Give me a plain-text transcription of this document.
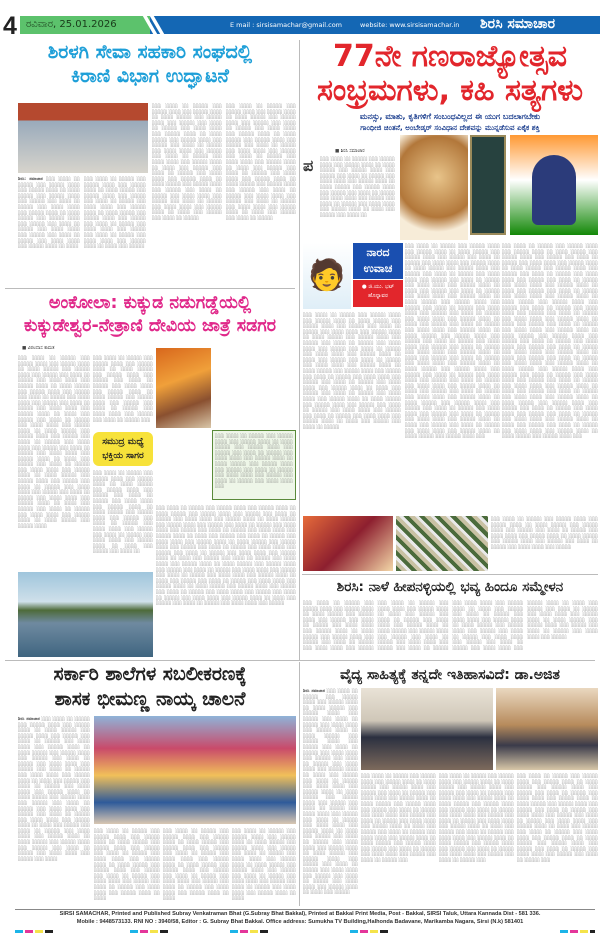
4 ರವಿವಾರ, 25.01.2026	E mail : sirsisamachar@gmail.com	website: www.sirsisamachar.in ಶಿರಸಿ ಸಮಾಚಾರ
ಶಿರಳಗಿ ಸೇವಾ ಸಹಕಾರಿ ಸಂಘದಲ್ಲಿ
ಕಿರಾಣಿ ವಿಭಾಗ ಉದ್ಘಾಟನೆ
ಶಿರಸಿ: ಸಮಾಚಾರ ░░░ ░░░░ ░░ ░░░░░ ░░░ ░░░░░ ░░░░ ░░░ ░░░░░ ░░░░ ░░ ░░░░ ░░░░░ ░░░ ░░░░░ ░░░░ ░░░ ░░░░░ ░░░ ░░░░ ░░ ░░░░░ ░░░ ░░░░ ░░░░ ░░░ ░░░░░ ░░░░ ░░ ░░░░ ░░░░░ ░░░ ░░░░░ ░░░░ ░░░ ░░░░░ ░░░ ░░░░ ░░ ░░░░░ ░░░ ░░░░ ░░░░ ░░░ ░░░░░ ░░░ ░░░░ ░░ ░░░░░ ░░░ ░░░░ ░░░░ ░░░ ░░░░░ ░░░░ ░░ ░░░░
░░░ ░░░░ ░░ ░░░░░ ░░░ ░░░░░ ░░░░ ░░░ ░░░░░ ░░░░ ░░ ░░░░ ░░░░░ ░░░ ░░░░░ ░░░░ ░░░ ░░░░░ ░░░ ░░░░ ░░ ░░░░░ ░░░ ░░░░ ░░░░ ░░░ ░░░░░ ░░░░ ░░ ░░░░ ░░░░░ ░░░ ░░░░░ ░░░░ ░░░ ░░░░░ ░░░ ░░░░ ░░ ░░░░░ ░░░ ░░░░ ░░░░ ░░░ ░░░░░ ░░░ ░░░░ ░░ ░░░░░ ░░░ ░░░░ ░░░░ ░░░ ░░░░░ ░░░░ ░░ ░░░░ ░░░ ░░░░░
░░░ ░░░░ ░░ ░░░░░ ░░░ ░░░░░ ░░░░ ░░░ ░░░░░ ░░░░ ░░ ░░░░ ░░░░░ ░░░ ░░░░░ ░░░░ ░░░ ░░░░░ ░░░ ░░░░ ░░ ░░░░░ ░░░ ░░░░ ░░░░ ░░░ ░░░░░ ░░░░ ░░ ░░░░ ░░░░░ ░░░ ░░░░░ ░░░░ ░░░ ░░░░░ ░░░ ░░░░ ░░ ░░░░░ ░░░ ░░░░ ░░░░ ░░░ ░░░░░ ░░░ ░░░░ ░░ ░░░░░ ░░░ ░░░░ ░░░░ ░░░ ░░░░░ ░░░░ ░░ ░░░░ ░░░ ░░░░░ ░░░ ░░░░ ░░ ░░░░░ ░░░ ░░░░ ░░░░ ░░░ ░░░░░ ░░░░ ░░ ░░░░ ░░░░░ ░░░ ░░░░░ ░░░░ ░░░ ░░░░░ ░░░ ░░░░ ░░ ░░░░░ ░░░ ░░░░ ░░░░ ░░░ ░░░░░ ░░░ ░░░░ ░░ ░░░░░ ░░░ ░░░░ ░░░░ ░░░ ░░░░░ ░░░░ ░░ ░░░░ ░░░ ░░░░░ ░░░ ░░░░ ░░ ░░░░░
░░░ ░░░░ ░░ ░░░░░ ░░░ ░░░░░ ░░░░ ░░░ ░░░░░ ░░░░ ░░ ░░░░ ░░░░░ ░░░ ░░░░░ ░░░░ ░░░ ░░░░░ ░░░ ░░░░ ░░ ░░░░░ ░░░ ░░░░ ░░░░ ░░░ ░░░░░ ░░░░ ░░ ░░░░ ░░░░░ ░░░ ░░░░░ ░░░░ ░░░ ░░░░░ ░░░ ░░░░ ░░ ░░░░░ ░░░ ░░░░ ░░░░ ░░░ ░░░░░ ░░░ ░░░░ ░░ ░░░░░ ░░░ ░░░░ ░░░░ ░░░ ░░░░░ ░░░░ ░░ ░░░░ ░░░ ░░░░░ ░░░ ░░░░ ░░ ░░░░░ ░░░ ░░░░ ░░░░ ░░░ ░░░░░ ░░░░ ░░ ░░░░ ░░░░░ ░░░ ░░░░░ ░░░░ ░░░ ░░░░░ ░░░ ░░░░ ░░ ░░░░░ ░░░ ░░░░ ░░░░ ░░░ ░░░░░ ░░░ ░░░░ ░░ ░░░░░ ░░░ ░░░░ ░░░░ ░░░ ░░░░░ ░░░░ ░░ ░░░░ ░░░ ░░░░░ ░░░ ░░░░ ░░ ░░░░░
77ನೇ ಗಣರಾಜ್ಯೋತ್ಸವ
ಸಂಭ್ರಮಗಳು, ಕಹಿ ಸತ್ಯಗಳು
ಮನಸ್ಸು, ಮಾತು, ಕೃತಿಗಳಿಗೆ ಸಂಬಂಧವಿಲ್ಲದ ಈ ಯುಗ ಬದಲಾಗಬೇಕು
ಗಾಂಧೀಜಿ ಚಿಂತನೆ, ಅಂಬೇಡ್ಕರ್ ಸಂವಿಧಾನ ದೇಶವನ್ನು ಮುನ್ನಡೆಸುವ ಏಕೈಕ ಶಕ್ತಿ
■ ಶಿರಸಿ ಸಮಾಚಾರ
ಪ ░░░ ░░░░ ░░ ░░░░░ ░░░ ░░░░░ ░░░░ ░░░ ░░░░░ ░░░░ ░░ ░░░░ ░░░░░ ░░░ ░░░░░ ░░░░ ░░░ ░░░░░ ░░░ ░░░░ ░░ ░░░░░ ░░░ ░░░░ ░░░░ ░░░ ░░░░░ ░░░░ ░░ ░░░░ ░░░░░ ░░░ ░░░░░ ░░░░ ░░░ ░░░░░ ░░░ ░░░░ ░░ ░░░░░ ░░░ ░░░░ ░░░░ ░░░ ░░░░░ ░░░ ░░░░ ░░ ░░░░░ ░░░ ░░░░ ░░░░ ░░░ ░░░░░ ░░░░ ░░ ░░░░ ░░░ ░░░░░ ░░░ ░░░░ ░░
🧑
ನಾರದ
ಉವಾಚ
● ಜಿ.ಯು. ಭಟ್
ಹೊನ್ನಾವರ
░░░ ░░░░ ░░ ░░░░░ ░░░ ░░░░░ ░░░░ ░░░ ░░░░░ ░░░░ ░░ ░░░░ ░░░░░ ░░░ ░░░░░ ░░░░ ░░░ ░░░░░ ░░░ ░░░░ ░░ ░░░░░ ░░░ ░░░░ ░░░░ ░░░ ░░░░░ ░░░░ ░░ ░░░░ ░░░░░ ░░░ ░░░░░ ░░░░ ░░░ ░░░░░ ░░░ ░░░░ ░░ ░░░░░ ░░░ ░░░░ ░░░░ ░░░ ░░░░░ ░░░ ░░░░ ░░ ░░░░░ ░░░ ░░░░ ░░░░ ░░░ ░░░░░ ░░░░ ░░ ░░░░ ░░░ ░░░░░ ░░░ ░░░░ ░░ ░░░░░ ░░░ ░░░░ ░░░░ ░░░ ░░░░░ ░░░░ ░░ ░░░░ ░░░░░ ░░░ ░░░░░ ░░░░ ░░░ ░░░░░ ░░░ ░░░░ ░░ ░░░░░ ░░░ ░░░░ ░░░░ ░░░ ░░░░░ ░░░ ░░░░ ░░ ░░░░░ ░░░ ░░░░ ░░░░ ░░░ ░░░░░ ░░░░ ░░ ░░░░ ░░░ ░░░░░ ░░░ ░░░░ ░░ ░░░░░ ░░░ ░░░░ ░░░░ ░░░ ░░░░░ ░░░░ ░░ ░░░░ ░░░░░ ░░░ ░░░░░ ░░░░ ░░░ ░░░░░ ░░░ ░░░░ ░░ ░░░░░ ░░░ ░░░░ ░░░░ ░░░ ░░░░░ ░░░ ░░░░ ░░ ░░░░░ ░░░ ░░░░ ░░░░ ░░░ ░░░░░ ░░░░ ░░ ░░░░ ░░░ ░░░░░ ░░░ ░░░░ ░░ ░░░░░ ░░░ ░░░░ ░░░░ ░░░ ░░░░░ ░░░░ ░░ ░░░░ ░░░░░ ░░░ ░░░░░ ░░░░ ░░░ ░░░░░ ░░░ ░░░░ ░░ ░░░░░ ░░░ ░░░░ ░░░░ ░░░ ░░░░░ ░░░ ░░░░ ░░ ░░░░░ ░░░ ░░░░ ░░░░ ░░░ ░░░░░ ░░░░ ░░ ░░░░ ░░░ ░░░░░ ░░░ ░░░░ ░░ ░░░░░ ░░░ ░░░░ ░░░░ ░░░ ░░░░░ ░░░░ ░░ ░░░░ ░░░░░ ░░░ ░░░░░ ░░░░ ░░░ ░░░░░ ░░░ ░░░░ ░░ ░░░░░ ░░░ ░░░░ ░░░░ ░░░ ░░░░░ ░░░ ░░░░ ░░ ░░░░░ ░░░ ░░░░ ░░░░ ░░░ ░░░░░ ░░░░ ░░ ░░░░ ░░░ ░░░░░ ░░░ ░░░░ ░░ ░░░░░ ░░░ ░░░░ ░░░░ ░░░ ░░░░░ ░░░░ ░░ ░░░░ ░░░░░ ░░░ ░░░░░ ░░░░ ░░░
░░░ ░░░░ ░░ ░░░░░ ░░░ ░░░░░ ░░░░ ░░░ ░░░░░ ░░░░ ░░ ░░░░ ░░░░░ ░░░ ░░░░░ ░░░░ ░░░ ░░░░░ ░░░ ░░░░ ░░ ░░░░░ ░░░ ░░░░ ░░░░ ░░░ ░░░░░ ░░░░ ░░ ░░░░ ░░░░░ ░░░ ░░░░░ ░░░░ ░░░ ░░░░░ ░░░ ░░░░ ░░ ░░░░░ ░░░ ░░░░ ░░░░ ░░░ ░░░░░ ░░░ ░░░░ ░░ ░░░░░ ░░░ ░░░░ ░░░░ ░░░ ░░░░░ ░░░░ ░░ ░░░░ ░░░ ░░░░░ ░░░ ░░░░ ░░ ░░░░░ ░░░ ░░░░ ░░░░ ░░░ ░░░░░ ░░░░ ░░ ░░░░ ░░░░░ ░░░ ░░░░░ ░░░░ ░░░ ░░░░░ ░░░ ░░░░ ░░ ░░░░░ ░░░ ░░░░ ░░░░ ░░░ ░░░░░ ░░░ ░░░░ ░░ ░░░░░ ░░░ ░░░░ ░░░░ ░░░ ░░░░░ ░░░░ ░░ ░░░░ ░░░ ░░░░░ ░░░ ░░░░ ░░ ░░░░░ ░░░ ░░░░ ░░░░ ░░░ ░░░░░ ░░░░ ░░ ░░░░ ░░░░░ ░░░ ░░░░░ ░░░░ ░░░ ░░░░░ ░░░ ░░░░ ░░ ░░░░░ ░░░ ░░░░ ░░░░ ░░░ ░░░░░ ░░░ ░░░░ ░░ ░░░░░ ░░░ ░░░░ ░░░░ ░░░ ░░░░░ ░░░░ ░░ ░░░░ ░░░ ░░░░░ ░░░ ░░░░ ░░ ░░░░░
░░░ ░░░░ ░░ ░░░░░ ░░░ ░░░░░ ░░░░ ░░░ ░░░░░ ░░░░ ░░ ░░░░ ░░░░░ ░░░ ░░░░░ ░░░░ ░░░ ░░░░░ ░░░ ░░░░ ░░ ░░░░░ ░░░ ░░░░ ░░░░ ░░░ ░░░░░ ░░░░ ░░ ░░░░ ░░░░░ ░░░ ░░░░░ ░░░░ ░░░ ░░░░░ ░░░ ░░░░ ░░ ░░░░░ ░░░ ░░░░ ░░░░ ░░░ ░░░░░ ░░░ ░░░░ ░░ ░░░░░ ░░░ ░░░░ ░░░░ ░░░ ░░░░░ ░░░░ ░░ ░░░░ ░░░ ░░░░░ ░░░ ░░░░ ░░ ░░░░░ ░░░ ░░░░ ░░░░ ░░░ ░░░░░ ░░░░ ░░ ░░░░ ░░░░░ ░░░ ░░░░░ ░░░░ ░░░ ░░░░░ ░░░ ░░░░ ░░ ░░░░░ ░░░ ░░░░ ░░░░ ░░░ ░░░░░ ░░░ ░░░░ ░░ ░░░░░ ░░░ ░░░░ ░░░░ ░░░ ░░░░░ ░░░░ ░░ ░░░░ ░░░ ░░░░░ ░░░ ░░░░ ░░ ░░░░░ ░░░ ░░░░ ░░░░ ░░░ ░░░░░ ░░░░ ░░ ░░░░ ░░░░░ ░░░ ░░░░░ ░░░░ ░░░ ░░░░░ ░░░ ░░░░ ░░ ░░░░░ ░░░ ░░░░ ░░░░ ░░░ ░░░░░ ░░░ ░░░░ ░░ ░░░░░ ░░░ ░░░░ ░░░░ ░░░ ░░░░░ ░░░░ ░░ ░░░░ ░░░ ░░░░░ ░░░ ░░░░ ░░ ░░░░░ ░░░ ░░░░ ░░░░ ░░░ ░░░░░ ░░░░ ░░ ░░░░ ░░░░░ ░░░ ░░░░░ ░░░░ ░░░ ░░░░░ ░░░ ░░░░ ░░ ░░░░░ ░░░ ░░░░ ░░░░ ░░░ ░░░░░ ░░░ ░░░░ ░░ ░░░░░ ░░░ ░░░░ ░░░░ ░░░ ░░░░░ ░░░░ ░░ ░░░░ ░░░ ░░░░░ ░░░ ░░░░ ░░ ░░░░░ ░░░ ░░░░ ░░░░ ░░░ ░░░░░ ░░░░ ░░ ░░░░ ░░░░░ ░░░ ░░░░░ ░░░░ ░░░ ░░░░░ ░░░ ░░░░ ░░ ░░░░░ ░░░ ░░░░ ░░░░ ░░░ ░░░░░ ░░░ ░░░░ ░░ ░░░░░ ░░░ ░░░░ ░░░░ ░░░ ░░░░░ ░░░░ ░░ ░░░░ ░░░ ░░░░░ ░░░ ░░░░ ░░ ░░░░░ ░░░ ░░░░ ░░░░ ░░░ ░░░░░ ░░░░ ░░ ░░░░ ░░░░░ ░░░ ░░░░░ ░░░░ ░░░
░░░ ░░░░ ░░ ░░░░░ ░░░ ░░░░░ ░░░░ ░░░ ░░░░░ ░░░░ ░░ ░░░░ ░░░░░ ░░░ ░░░░░ ░░░░ ░░░ ░░░░░ ░░░ ░░░░ ░░ ░░░░░ ░░░ ░░░░ ░░░░ ░░░ ░░░░░ ░░░░ ░░ ░░░░ ░░░░░ ░░░ ░░░░░ ░░░░ ░░░ ░░░░░ ░░░ ░░░░ ░░ ░░░░░ ░░░ ░░░░ ░░░░ ░░░ ░░░░░
ಅಂಕೋಲಾ: ಕುಕ್ಕುಡ ನಡುಗಡ್ಡೆಯಲ್ಲಿ
ಕುಕ್ಕುಡೇಶ್ವರ-ನೇತ್ರಾಣಿ ದೇವಿಯ ಜಾತ್ರೆ ಸಡಗರ
■ ವಿಠಲದಾಸ ಕಾಮತ
░░░ ░░░░ ░░ ░░░░░ ░░░ ░░░░░ ░░░░ ░░░ ░░░░░ ░░░░ ░░ ░░░░ ░░░░░ ░░░ ░░░░░ ░░░░ ░░░ ░░░░░ ░░░ ░░░░ ░░ ░░░░░ ░░░ ░░░░ ░░░░ ░░░ ░░░░░ ░░░░ ░░ ░░░░ ░░░░░ ░░░ ░░░░░ ░░░░ ░░░ ░░░░░ ░░░ ░░░░ ░░ ░░░░░ ░░░ ░░░░ ░░░░ ░░░ ░░░░░ ░░░ ░░░░ ░░ ░░░░░ ░░░ ░░░░ ░░░░ ░░░ ░░░░░ ░░░░ ░░ ░░░░ ░░░ ░░░░░ ░░░ ░░░░ ░░ ░░░░░ ░░░ ░░░░ ░░░░ ░░░ ░░░░░ ░░░░ ░░ ░░░░ ░░░░░ ░░░ ░░░░░ ░░░░ ░░░ ░░░░░ ░░░ ░░░░ ░░ ░░░░░ ░░░ ░░░░ ░░░░ ░░░ ░░░░░ ░░░ ░░░░ ░░ ░░░░░ ░░░ ░░░░ ░░░░ ░░░ ░░░░░ ░░░░ ░░ ░░░░ ░░░ ░░░░░ ░░░ ░░░░ ░░ ░░░░░ ░░░ ░░░░ ░░░░ ░░░ ░░░░░ ░░░░ ░░ ░░░░ ░░░░░ ░░░ ░░░░░ ░░░░ ░░░ ░░░░░ ░░░ ░░░░ ░░ ░░░░░ ░░░ ░░░░ ░░░░ ░░░ ░░░░░ ░░░ ░░░░ ░░ ░░░░░ ░░░ ░░░░ ░░░░ ░░░ ░░░░░ ░░░░ ░░ ░░░░ ░░░ ░░░░░ ░░░ ░░░░ ░░ ░░░░░ ░░░ ░░░░ ░░░░ ░░░ ░░░░░ ░░░░ ░░ ░░░░ ░░░░░ ░░░ ░░░░░ ░░░░
░░░ ░░░░ ░░ ░░░░░ ░░░ ░░░░░ ░░░░ ░░░ ░░░░░ ░░░░ ░░ ░░░░ ░░░░░ ░░░ ░░░░░ ░░░░ ░░░ ░░░░░ ░░░ ░░░░ ░░ ░░░░░ ░░░ ░░░░ ░░░░ ░░░ ░░░░░ ░░░░ ░░ ░░░░ ░░░░░ ░░░ ░░░░░ ░░░░ ░░░ ░░░░░ ░░░ ░░░░ ░░ ░░░░░ ░░░ ░░░░ ░░░░ ░░░ ░░░░░ ░░░ ░░░░ ░░ ░░░░░ ░░░
ಸಮುದ್ರ ಮಧ್ಯೆ
ಭಕ್ತಿಯ ಸಾಗರ
░░░ ░░░░ ░░ ░░░░░ ░░░ ░░░░░ ░░░░ ░░░ ░░░░░ ░░░░ ░░ ░░░░ ░░░░░ ░░░ ░░░░░ ░░░░ ░░░ ░░░░░ ░░░ ░░░░ ░░ ░░░░░ ░░░ ░░░░ ░░░░ ░░░ ░░░░░ ░░░░ ░░ ░░░░ ░░░░░ ░░░ ░░░░░ ░░░░ ░░░ ░░░░░ ░░░ ░░░░ ░░ ░░░░░ ░░░ ░░░░ ░░░░ ░░░ ░░░░░ ░░░ ░░░░ ░░ ░░░░░ ░░░ ░░░░ ░░░░ ░░░ ░░░░░ ░░░░ ░░ ░░░░ ░░░ ░░░░░ ░░░ ░░░░ ░░
░░░ ░░░░ ░░ ░░░░░ ░░░ ░░░░░ ░░░░ ░░░ ░░░░░ ░░░░ ░░ ░░░░ ░░░░░ ░░░ ░░░░░ ░░░░ ░░░ ░░░░░ ░░░ ░░░░ ░░ ░░░░░ ░░░ ░░░░ ░░░░ ░░░ ░░░░░ ░░░░ ░░ ░░░░ ░░░░░ ░░░ ░░░░░ ░░░░ ░░░ ░░░░░ ░░░ ░░░░ ░░ ░░░░░ ░░░ ░░░░ ░░░░ ░░░ ░░░░░ ░░░ ░░░░ ░░ ░░░░░ ░░░ ░░░░ ░░░░ ░░░
░░░ ░░░░ ░░ ░░░░░ ░░░ ░░░░░ ░░░░ ░░░ ░░░░░ ░░░░ ░░ ░░░░ ░░░░░ ░░░ ░░░░░ ░░░░ ░░░ ░░░░░ ░░░ ░░░░ ░░ ░░░░░ ░░░ ░░░░ ░░░░ ░░░ ░░░░░ ░░░░ ░░ ░░░░ ░░░░░ ░░░ ░░░░░ ░░░░ ░░░ ░░░░░ ░░░ ░░░░ ░░ ░░░░░ ░░░ ░░░░ ░░░░ ░░░ ░░░░░ ░░░ ░░░░ ░░ ░░░░░ ░░░ ░░░░ ░░░░ ░░░ ░░░░░ ░░░░ ░░ ░░░░ ░░░ ░░░░░ ░░░ ░░░░ ░░ ░░░░░ ░░░ ░░░░ ░░░░ ░░░ ░░░░░ ░░░░ ░░ ░░░░ ░░░░░ ░░░ ░░░░░ ░░░░ ░░░ ░░░░░ ░░░ ░░░░ ░░ ░░░░░ ░░░ ░░░░ ░░░░ ░░░ ░░░░░ ░░░ ░░░░ ░░ ░░░░░ ░░░ ░░░░ ░░░░ ░░░ ░░░░░ ░░░░ ░░ ░░░░ ░░░ ░░░░░ ░░░ ░░░░ ░░ ░░░░░ ░░░ ░░░░ ░░░░ ░░░ ░░░░░ ░░░░ ░░ ░░░░ ░░░░░ ░░░ ░░░░░ ░░░░ ░░░ ░░░░░ ░░░ ░░░░ ░░ ░░░░░ ░░░ ░░░░ ░░░░ ░░░ ░░░░░ ░░░ ░░░░ ░░ ░░░░░ ░░░ ░░░░ ░░░░ ░░░ ░░░░░ ░░░░ ░░ ░░░░ ░░░ ░░░░░ ░░░ ░░░░ ░░ ░░░░░ ░░░ ░░░░ ░░░░ ░░░ ░░░░░ ░░░░ ░░ ░░░░ ░░░░░ ░░░ ░░░░░ ░░░░ ░░░ ░░░░░ ░░░ ░░░░ ░░ ░░░░░ ░░░ ░░░░ ░░░░ ░░░ ░░░░░ ░░░ ░░░░ ░░ ░░░░░ ░░░ ░░░░ ░░░░ ░░░ ░░░░░ ░░░░ ░░ ░░░░ ░░░ ░░░░░ ░░░ ░░░░ ░░ ░░░░░ ░░░ ░░░░ ░░░░ ░░░ ░░░░░
ಶಿರಸಿ: ನಾಳೆ ಹೀಪನಳ್ಳಿಯಲ್ಲಿ ಭವ್ಯ ಹಿಂದೂ ಸಮ್ಮೇಳನ
░░░ ░░░░ ░░ ░░░░░ ░░░ ░░░░░ ░░░░ ░░░ ░░░░░ ░░░░ ░░ ░░░░ ░░░░░ ░░░ ░░░░░ ░░░░ ░░░ ░░░░░ ░░░ ░░░░ ░░ ░░░░░ ░░░ ░░░░ ░░░░ ░░░ ░░░░░ ░░░░ ░░ ░░░░ ░░░░░ ░░░ ░░░░░ ░░░░ ░░░ ░░░░░ ░░░ ░░░░ ░░ ░░░░░ ░░░ ░░░░ ░░░░ ░░░ ░░░░░ ░░░ ░░░░ ░░ ░░░░░ ░░░ ░░░░ ░░░░ ░░░ ░░░░░ ░░░░ ░░ ░░░░ ░░░ ░░░░░ ░░░ ░░░░ ░░ ░░░░░ ░░░ ░░░░ ░░░░ ░░░ ░░░░░ ░░░░ ░░ ░░░░ ░░░░░ ░░░ ░░░░░ ░░░░ ░░░ ░░░░░ ░░░ ░░░░ ░░ ░░░░░ ░░░ ░░░░ ░░░░ ░░░ ░░░░░ ░░░ ░░░░ ░░ ░░░░░ ░░░ ░░░░ ░░░░ ░░░ ░░░░░ ░░░░ ░░ ░░░░ ░░░ ░░░░░ ░░░ ░░░░ ░░ ░░░░░ ░░░ ░░░░ ░░░░ ░░░ ░░░░░ ░░░░ ░░ ░░░░ ░░░░░ ░░░ ░░░░░ ░░░░ ░░░ ░░░░░ ░░░ ░░░░ ░░ ░░░░░ ░░░ ░░░░ ░░░░ ░░░ ░░░░░ ░░░ ░░░░ ░░ ░░░░░ ░░░ ░░░░ ░░░░ ░░░ ░░░░░ ░░░░ ░░ ░░░░ ░░░ ░░░░░ ░░░ ░░░░ ░░ ░░░░░ ░░░ ░░░░ ░░░░ ░░░ ░░░░░ ░░░░ ░░ ░░░░ ░░░░░ ░░░ ░░░░░ ░░░░ ░░░ ░░░░░ ░░░ ░░░░ ░░ ░░░░░ ░░░ ░░░░ ░░░░ ░░░ ░░░░░
ಸರ್ಕಾರಿ ಶಾಲೆಗಳ ಸಬಲೀಕರಣಕ್ಕೆ
ಶಾಸಕ ಭೀಮಣ್ಣ ನಾಯ್ಕ ಚಾಲನೆ
ಶಿರಸಿ ಸಮಾಚಾರ ░░░ ░░░░ ░░ ░░░░░ ░░░ ░░░░░ ░░░░ ░░░ ░░░░░ ░░░░ ░░ ░░░░ ░░░░░ ░░░ ░░░░░ ░░░░ ░░░ ░░░░░ ░░░ ░░░░ ░░ ░░░░░ ░░░ ░░░░ ░░░░ ░░░ ░░░░░ ░░░░ ░░ ░░░░ ░░░░░ ░░░ ░░░░░ ░░░░ ░░░ ░░░░░ ░░░ ░░░░ ░░ ░░░░░ ░░░ ░░░░ ░░░░ ░░░ ░░░░░ ░░░ ░░░░ ░░ ░░░░░ ░░░ ░░░░ ░░░░ ░░░ ░░░░░ ░░░░ ░░ ░░░░ ░░░ ░░░░░ ░░░ ░░░░ ░░ ░░░░░ ░░░ ░░░░ ░░░░ ░░░ ░░░░░ ░░░░ ░░ ░░░░ ░░░░░ ░░░ ░░░░░ ░░░░ ░░░ ░░░░░ ░░░ ░░░░ ░░ ░░░░░ ░░░ ░░░░ ░░░░ ░░░ ░░░░░ ░░░ ░░░░ ░░ ░░░░░ ░░░ ░░░░ ░░░░ ░░░ ░░░░░ ░░░░ ░░ ░░░░ ░░░ ░░░░░ ░░░ ░░░░ ░░ ░░░░░ ░░░ ░░░░ ░░░░ ░░░ ░░░░░ ░░░░ ░░ ░░░░ ░░░░░ ░░░ ░░░░░ ░░░░ ░░░ ░░░░░ ░░░ ░░░░ ░░ ░░░░░ ░░░ ░░░░ ░░░░ ░░░ ░░░░░ ░░░ ░░░░
░░░ ░░░░ ░░ ░░░░░ ░░░ ░░░░░ ░░░░ ░░░ ░░░░░ ░░░░ ░░ ░░░░ ░░░░░ ░░░ ░░░░░ ░░░░ ░░░ ░░░░░ ░░░ ░░░░ ░░ ░░░░░ ░░░ ░░░░ ░░░░ ░░░ ░░░░░ ░░░░ ░░ ░░░░ ░░░░░ ░░░ ░░░░░ ░░░░ ░░░ ░░░░░ ░░░ ░░░░ ░░ ░░░░░ ░░░ ░░░░ ░░░░ ░░░ ░░░░░ ░░░ ░░░░ ░░ ░░░░░ ░░░ ░░░░ ░░░░ ░░░ ░░░░░ ░░░░ ░░ ░░░░
░░░ ░░░░ ░░ ░░░░░ ░░░ ░░░░░ ░░░░ ░░░ ░░░░░ ░░░░ ░░ ░░░░ ░░░░░ ░░░ ░░░░░ ░░░░ ░░░ ░░░░░ ░░░ ░░░░ ░░ ░░░░░ ░░░ ░░░░ ░░░░ ░░░ ░░░░░ ░░░░ ░░ ░░░░ ░░░░░ ░░░ ░░░░░ ░░░░ ░░░ ░░░░░ ░░░ ░░░░ ░░ ░░░░░ ░░░ ░░░░ ░░░░ ░░░ ░░░░░ ░░░ ░░░░ ░░ ░░░░░ ░░░ ░░░░ ░░░░ ░░░ ░░░░░ ░░░░ ░░ ░░░░
░░░ ░░░░ ░░ ░░░░░ ░░░ ░░░░░ ░░░░ ░░░ ░░░░░ ░░░░ ░░ ░░░░ ░░░░░ ░░░ ░░░░░ ░░░░ ░░░ ░░░░░ ░░░ ░░░░ ░░ ░░░░░ ░░░ ░░░░ ░░░░ ░░░ ░░░░░ ░░░░ ░░ ░░░░ ░░░░░ ░░░ ░░░░░ ░░░░ ░░░ ░░░░░ ░░░ ░░░░ ░░ ░░░░░ ░░░ ░░░░ ░░░░ ░░░ ░░░░░ ░░░ ░░░░ ░░ ░░░░░ ░░░ ░░░░ ░░░░ ░░░ ░░░░░ ░░░░ ░░ ░░░░
ವೈದ್ಯ ಸಾಹಿತ್ಯಕ್ಕೆ ತನ್ನದೇ ಇತಿಹಾಸವಿದೆ: ಡಾ.ಅಜಿತ
ಶಿರಸಿ ಸಮಾಚಾರ ░░░ ░░░░ ░░ ░░░░░ ░░░ ░░░░░ ░░░░ ░░░ ░░░░░ ░░░░ ░░ ░░░░ ░░░░░ ░░░ ░░░░░ ░░░░ ░░░ ░░░░░ ░░░ ░░░░ ░░ ░░░░░ ░░░ ░░░░ ░░░░ ░░░ ░░░░░ ░░░░ ░░ ░░░░ ░░░░░ ░░░ ░░░░░ ░░░░ ░░░ ░░░░░ ░░░ ░░░░ ░░ ░░░░░ ░░░ ░░░░ ░░░░ ░░░ ░░░░░ ░░░ ░░░░ ░░ ░░░░░ ░░░ ░░░░ ░░░░ ░░░ ░░░░░ ░░░░ ░░ ░░░░ ░░░ ░░░░░ ░░░ ░░░░ ░░ ░░░░░ ░░░ ░░░░ ░░░░ ░░░ ░░░░░ ░░░░ ░░ ░░░░ ░░░░░ ░░░ ░░░░░ ░░░░ ░░░ ░░░░░ ░░░ ░░░░ ░░ ░░░░░ ░░░ ░░░░ ░░░░ ░░░ ░░░░░ ░░░ ░░░░ ░░ ░░░░░ ░░░ ░░░░ ░░░░ ░░░ ░░░░░ ░░░░ ░░ ░░░░ ░░░ ░░░░░ ░░░ ░░░░ ░░ ░░░░░ ░░░ ░░░░ ░░░░ ░░░ ░░░░░ ░░░░ ░░ ░░░░ ░░░░░ ░░░ ░░░░░ ░░░░ ░░░ ░░░░░ ░░░ ░░░░ ░░ ░░░░░ ░░░ ░░░░ ░░░░ ░░░ ░░░░░ ░░░ ░░░░ ░░ ░░░░░ ░░░ ░░░░ ░░░░ ░░░ ░░░░░ ░░░░ ░░ ░░░░ ░░░ ░░░░░
░░░ ░░░░ ░░ ░░░░░ ░░░ ░░░░░ ░░░░ ░░░ ░░░░░ ░░░░ ░░ ░░░░ ░░░░░ ░░░ ░░░░░ ░░░░ ░░░ ░░░░░ ░░░ ░░░░ ░░ ░░░░░ ░░░ ░░░░ ░░░░ ░░░ ░░░░░ ░░░░ ░░ ░░░░ ░░░░░ ░░░ ░░░░░ ░░░░ ░░░ ░░░░░ ░░░ ░░░░ ░░ ░░░░░ ░░░ ░░░░ ░░░░ ░░░ ░░░░░ ░░░ ░░░░ ░░ ░░░░░ ░░░ ░░░░ ░░░░ ░░░ ░░░░░ ░░░░ ░░ ░░░░ ░░░ ░░░░░ ░░░ ░░░░ ░░ ░░░░░ ░░░ ░░░░ ░░░░ ░░░ ░░░░░ ░░░░ ░░ ░░░░ ░░░░░ ░░░ ░░░░░ ░░░░ ░░░ ░░░░░ ░░░ ░░░░ ░░ ░░░░░ ░░░ ░░░░ ░░░░ ░░░ ░░░░░ ░░░ ░░░░ ░░ ░░░░░ ░░░
░░░ ░░░░ ░░ ░░░░░ ░░░ ░░░░░ ░░░░ ░░░ ░░░░░ ░░░░ ░░ ░░░░ ░░░░░ ░░░ ░░░░░ ░░░░ ░░░ ░░░░░ ░░░ ░░░░ ░░ ░░░░░ ░░░ ░░░░ ░░░░ ░░░ ░░░░░ ░░░░ ░░ ░░░░ ░░░░░ ░░░ ░░░░░ ░░░░ ░░░ ░░░░░ ░░░ ░░░░ ░░ ░░░░░ ░░░ ░░░░ ░░░░ ░░░ ░░░░░ ░░░ ░░░░ ░░ ░░░░░ ░░░ ░░░░ ░░░░ ░░░ ░░░░░ ░░░░ ░░ ░░░░ ░░░ ░░░░░ ░░░ ░░░░ ░░ ░░░░░ ░░░ ░░░░ ░░░░ ░░░ ░░░░░ ░░░░ ░░ ░░░░ ░░░░░ ░░░ ░░░░░ ░░░░ ░░░ ░░░░░ ░░░ ░░░░ ░░ ░░░░░ ░░░ ░░░░ ░░░░ ░░░ ░░░░░ ░░░ ░░░░ ░░ ░░░░░ ░░░
░░░ ░░░░ ░░ ░░░░░ ░░░ ░░░░░ ░░░░ ░░░ ░░░░░ ░░░░ ░░ ░░░░ ░░░░░ ░░░ ░░░░░ ░░░░ ░░░ ░░░░░ ░░░ ░░░░ ░░ ░░░░░ ░░░ ░░░░ ░░░░ ░░░ ░░░░░ ░░░░ ░░ ░░░░ ░░░░░ ░░░ ░░░░░ ░░░░ ░░░ ░░░░░ ░░░ ░░░░ ░░ ░░░░░ ░░░ ░░░░ ░░░░ ░░░ ░░░░░ ░░░ ░░░░ ░░ ░░░░░ ░░░ ░░░░ ░░░░ ░░░ ░░░░░ ░░░░ ░░ ░░░░ ░░░ ░░░░░ ░░░ ░░░░ ░░ ░░░░░ ░░░ ░░░░ ░░░░ ░░░ ░░░░░ ░░░░ ░░ ░░░░ ░░░░░ ░░░ ░░░░░ ░░░░ ░░░ ░░░░░ ░░░ ░░░░ ░░ ░░░░░ ░░░ ░░░░ ░░░░ ░░░ ░░░░░ ░░░ ░░░░ ░░ ░░░░░ ░░░
SIRSI SAMACHAR, Printed and Published Subray Venkatraman Bhat (G.Subray Bhat Bakkal), Printed at Bakkal Print Media, Post - Bakkal, SIRSI Taluk, Uttara Kannada Dist - 581 336.
Mobile : 9448573133. RNI NO : 3940/58, Editor : G. Subray Bhat Bakkal. Office address: Sumukha TV Building,Halhonda Badavane, Marikamba Nagara, Sirsi (N.k) 581401
